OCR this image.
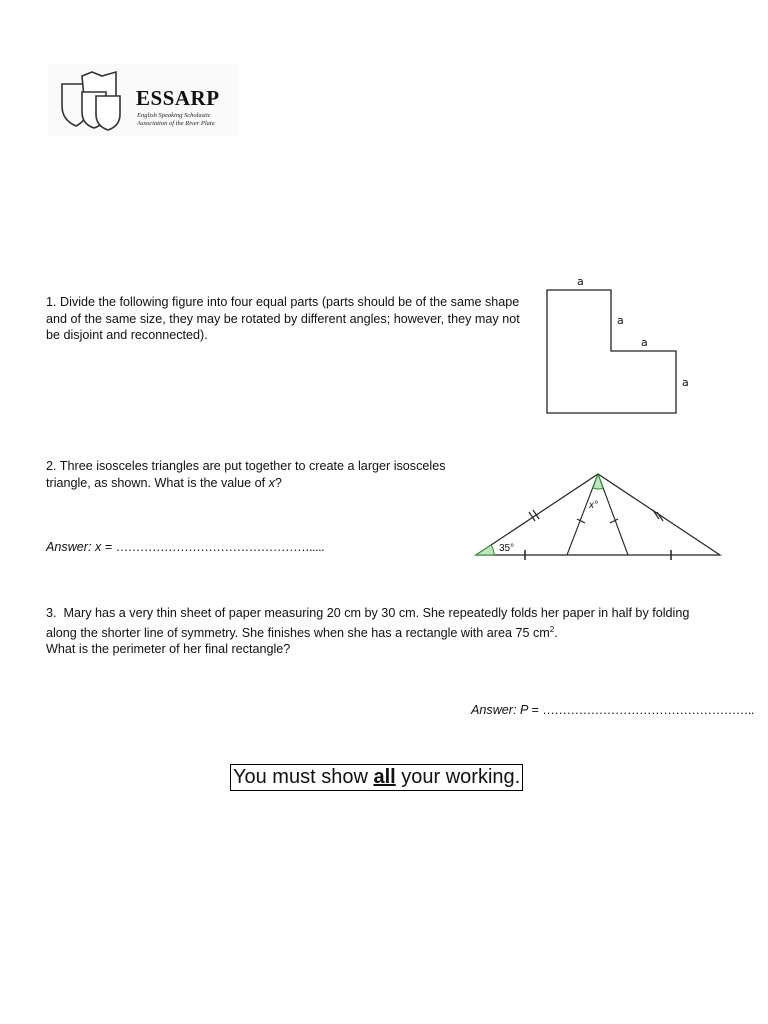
ESSARP
English Speaking Scholastic
Association of the River Plate
1. Divide the following figure into four equal parts (parts should be of the same shape and of the same size, they may be rotated by different angles; however, they may not be disjoint and reconnected).
a
a
a
a
2. Three isosceles triangles are put together to create a larger isosceles triangle, as shown. What is the value of x?
Answer: x = ………………………………………….....	35°
x°
3. Mary has a very thin sheet of paper measuring 20 cm by 30 cm. She repeatedly folds her paper in half by folding
along the shorter line of symmetry. She finishes when she has a rectangle with area 75 $cm^2$.
What is the perimeter of her final rectangle?
Answer: P = ……………………………………………..
You must show all your working.
